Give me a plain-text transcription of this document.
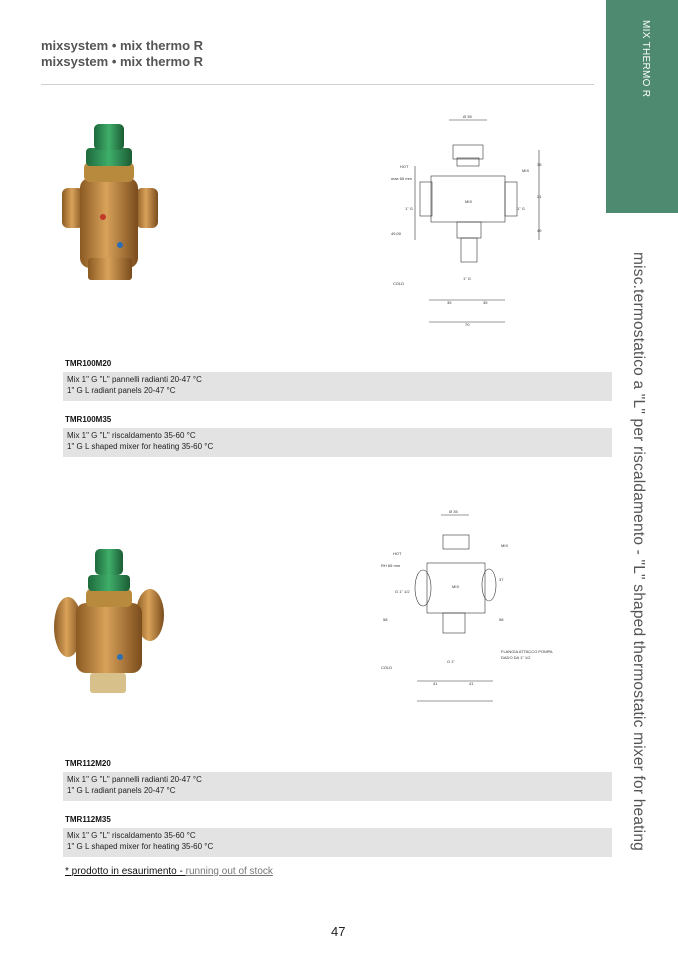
mixsystem • mix thermo R
mixsystem • mix thermo R	MIX THERMO R
misc.termostatico a "L" per riscaldamento - "L" shaped thermostatic mixer for heating
Ø 35
HOT
MIX
MIX
COLD
1" G	1" G
1" G
max 65 mm
49,00
35
21
49
35	35
70
TMR100M20
Mix 1" G "L" pannelli radianti 20-47 °C
1" G L radiant panels 20-47 °C
TMR100M35
Mix 1" G "L" riscaldamento 35-60 °C
1" G L shaped mixer for heating 35-60 °C
Ø 35
HOT
MIX
MIX
COLD
RH 65 mm
G 1" 1/2
58	58
37
FLANGIA ATTACCO POMPA
DADO DA 1" 1/2
G 1"
41	41
TMR112M20
Mix 1" G "L" pannelli radianti 20-47 °C
1" G L radiant panels 20-47 °C
TMR112M35
Mix 1" G "L" riscaldamento 35-60 °C
1" G L shaped mixer for heating 35-60 °C
* prodotto in esaurimento - running out of stock
47
